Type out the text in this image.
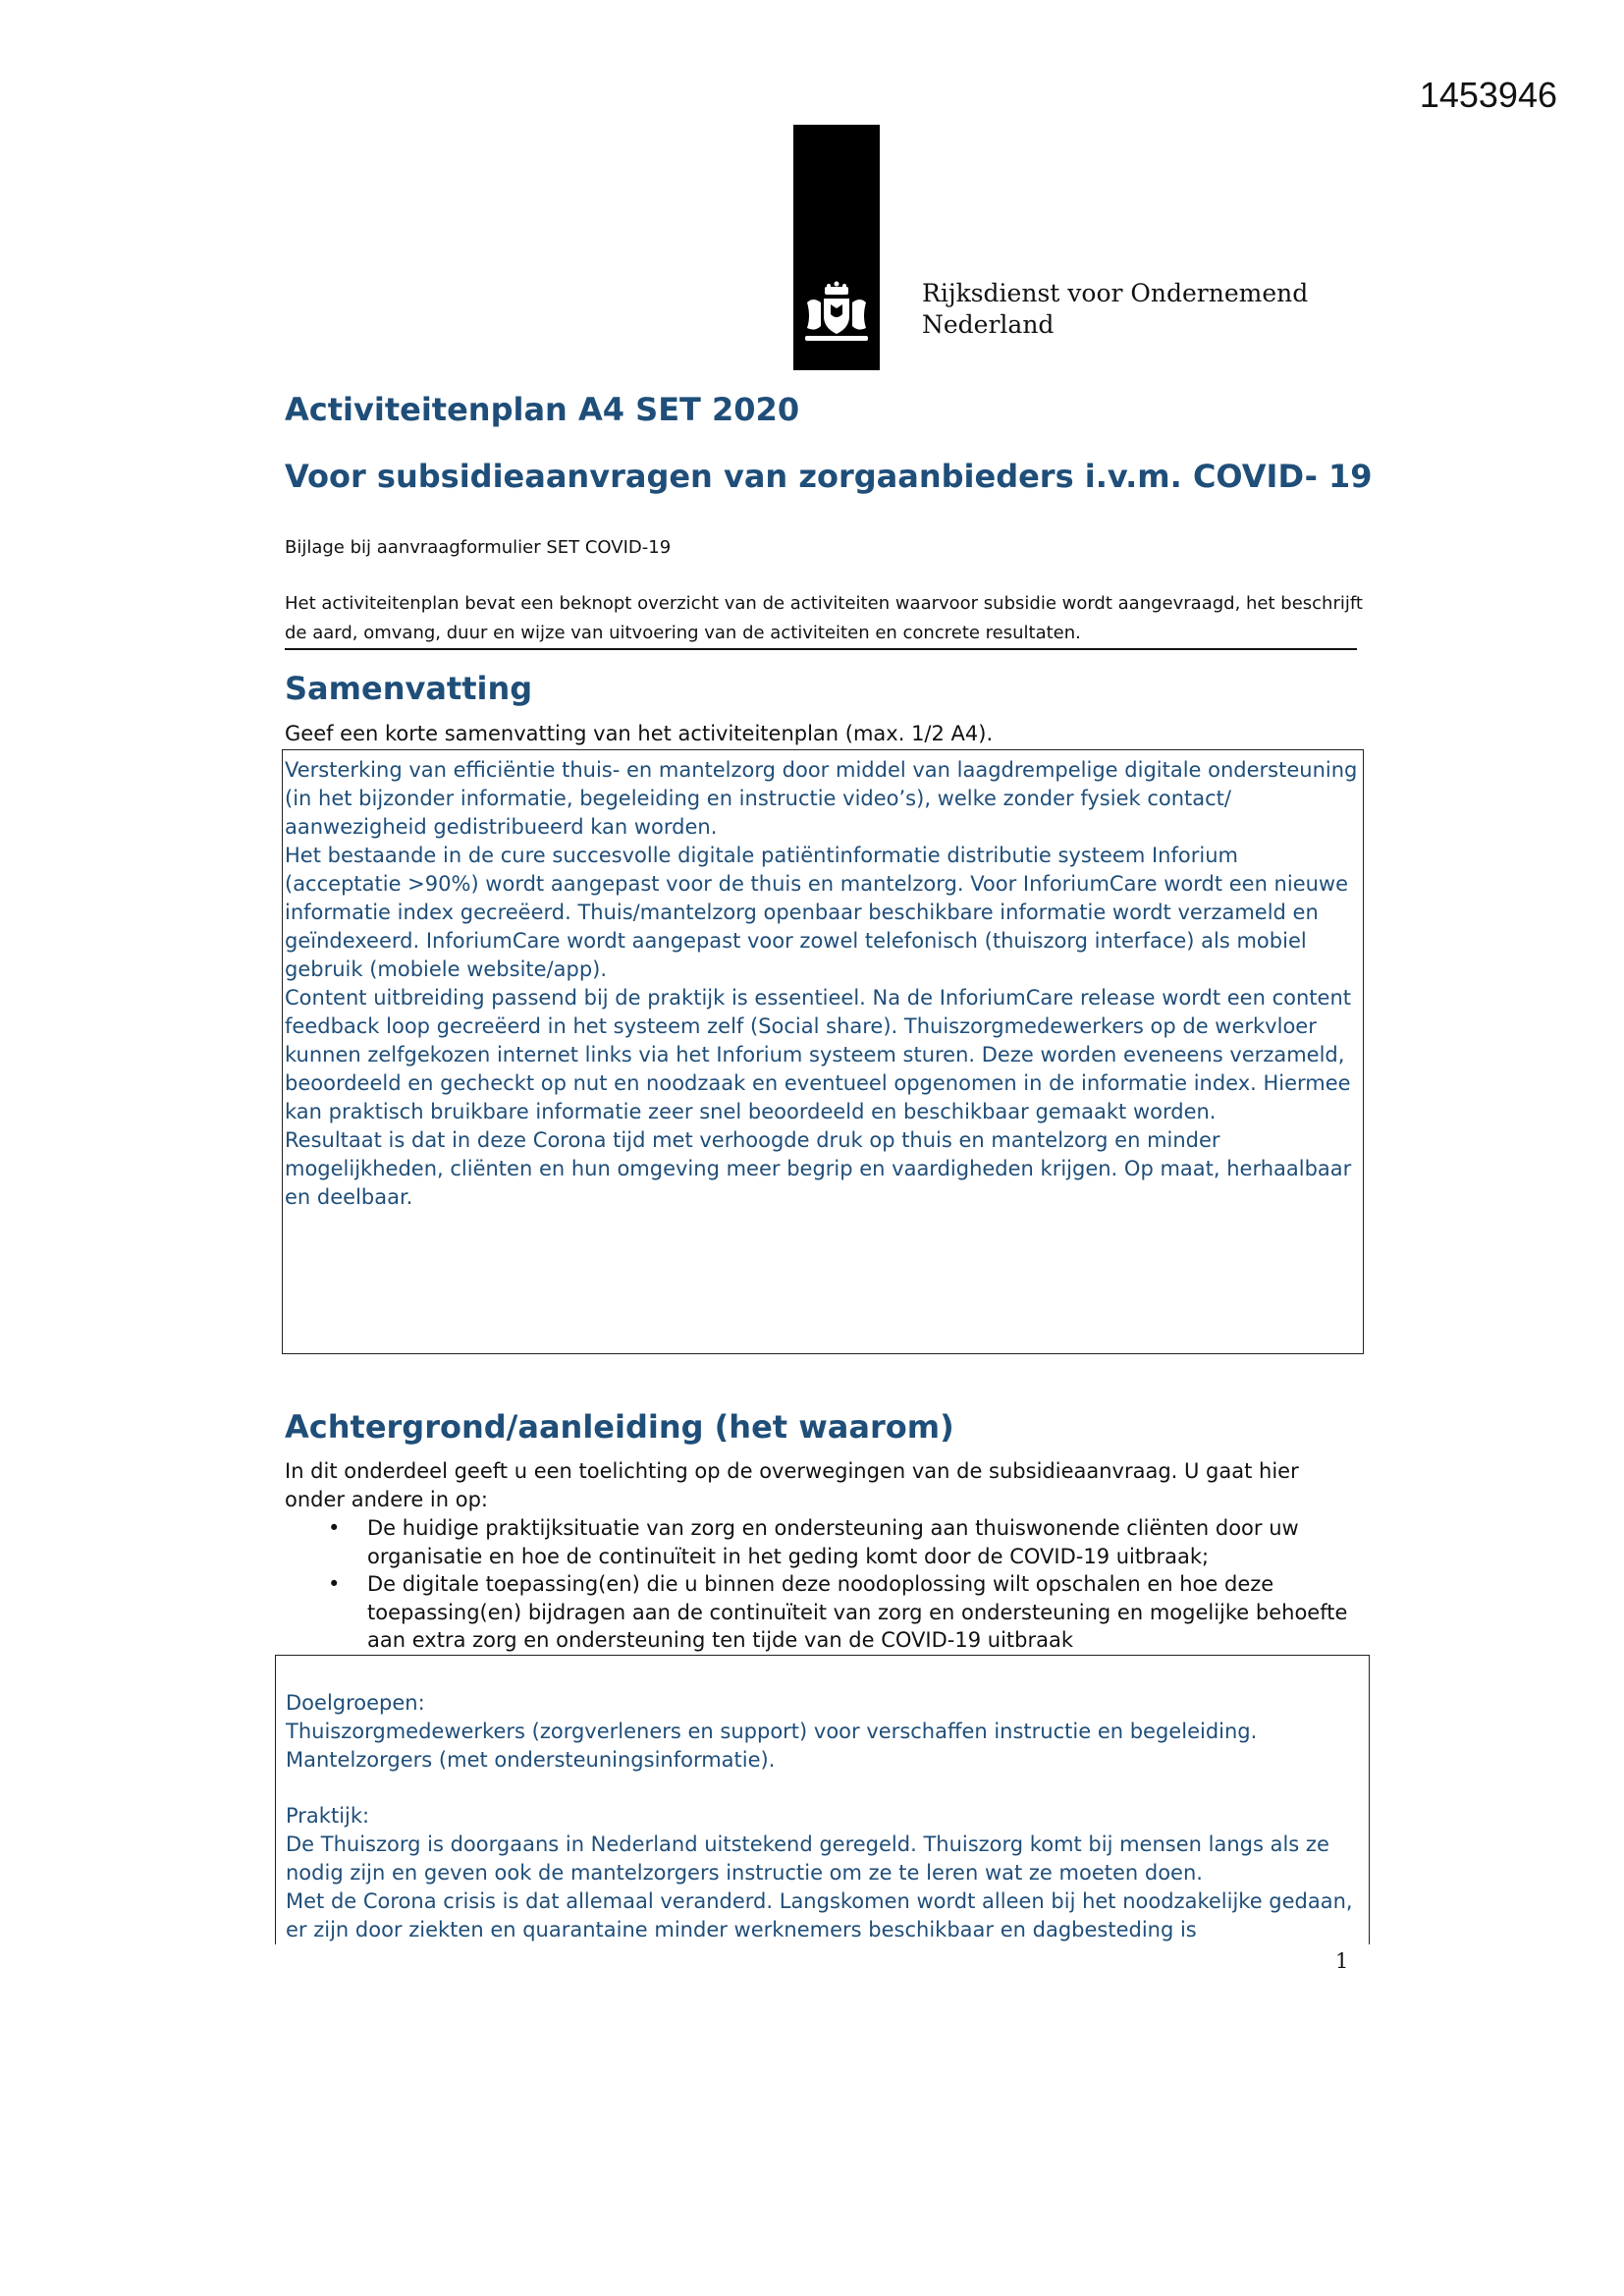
1453946
Rijksdienst voor Ondernemend
Nederland
Activiteitenplan A4 SET 2020
Voor subsidieaanvragen van zorgaanbieders i.v.m. COVID- 19

Bijlage bij aanvraagformulier SET COVID-19

Het activiteitenplan bevat een beknopt overzicht van de activiteiten waarvoor subsidie wordt aangevraagd, het beschrijft de aard, omvang, duur en wijze van uitvoering van de activiteiten en concrete resultaten.

Samenvatting

Geef een korte samenvatting van het activiteitenplan (max. 1/2 A4).

Versterking van efficiëntie thuis- en mantelzorg door middel van laagdrempelige digitale ondersteuning (in het bijzonder informatie, begeleiding en instructie video’s), welke zonder fysiek contact/ aanwezigheid gedistribueerd kan worden.

Het bestaande in de cure succesvolle digitale patiëntinformatie distributie systeem Inforium (acceptatie >90%) wordt aangepast voor de thuis en mantelzorg. Voor InforiumCare wordt een nieuwe informatie index gecreëerd. Thuis/mantelzorg openbaar beschikbare informatie wordt verzameld en geïndexeerd. InforiumCare wordt aangepast voor zowel telefonisch (thuiszorg interface) als mobiel gebruik (mobiele website/app).

Content uitbreiding passend bij de praktijk is essentieel. Na de InforiumCare release wordt een content feedback loop gecreëerd in het systeem zelf (Social share). Thuiszorgmedewerkers op de werkvloer kunnen zelfgekozen internet links via het Inforium systeem sturen. Deze worden eveneens verzameld, beoordeeld en gecheckt op nut en noodzaak en eventueel opgenomen in de informatie index. Hiermee kan praktisch bruikbare informatie zeer snel beoordeeld en beschikbaar gemaakt worden.

Resultaat is dat in deze Corona tijd met verhoogde druk op thuis en mantelzorg en minder mogelijkheden, cliënten en hun omgeving meer begrip en vaardigheden krijgen. Op maat, herhaalbaar en deelbaar.

Achtergrond/aanleiding (het waarom)

In dit onderdeel geeft u een toelichting op de overwegingen van de subsidieaanvraag. U gaat hier onder andere in op:

• De huidige praktijksituatie van zorg en ondersteuning aan thuiswonende cliënten door uw organisatie en hoe de continuïteit in het geding komt door de COVID-19 uitbraak;
• De digitale toepassing(en) die u binnen deze noodoplossing wilt opschalen en hoe deze toepassing(en) bijdragen aan de continuïteit van zorg en ondersteuning en mogelijke behoefte aan extra zorg en ondersteuning ten tijde van de COVID-19 uitbraak

Doelgroepen:

Thuiszorgmedewerkers (zorgverleners en support) voor verschaffen instructie en begeleiding.

Mantelzorgers (met ondersteuningsinformatie).

Praktijk:

De Thuiszorg is doorgaans in Nederland uitstekend geregeld. Thuiszorg komt bij mensen langs als ze nodig zijn en geven ook de mantelzorgers instructie om ze te leren wat ze moeten doen.

Met de Corona crisis is dat allemaal veranderd. Langskomen wordt alleen bij het noodzakelijke gedaan, er zijn door ziekten en quarantaine minder werknemers beschikbaar en dagbesteding is

1
